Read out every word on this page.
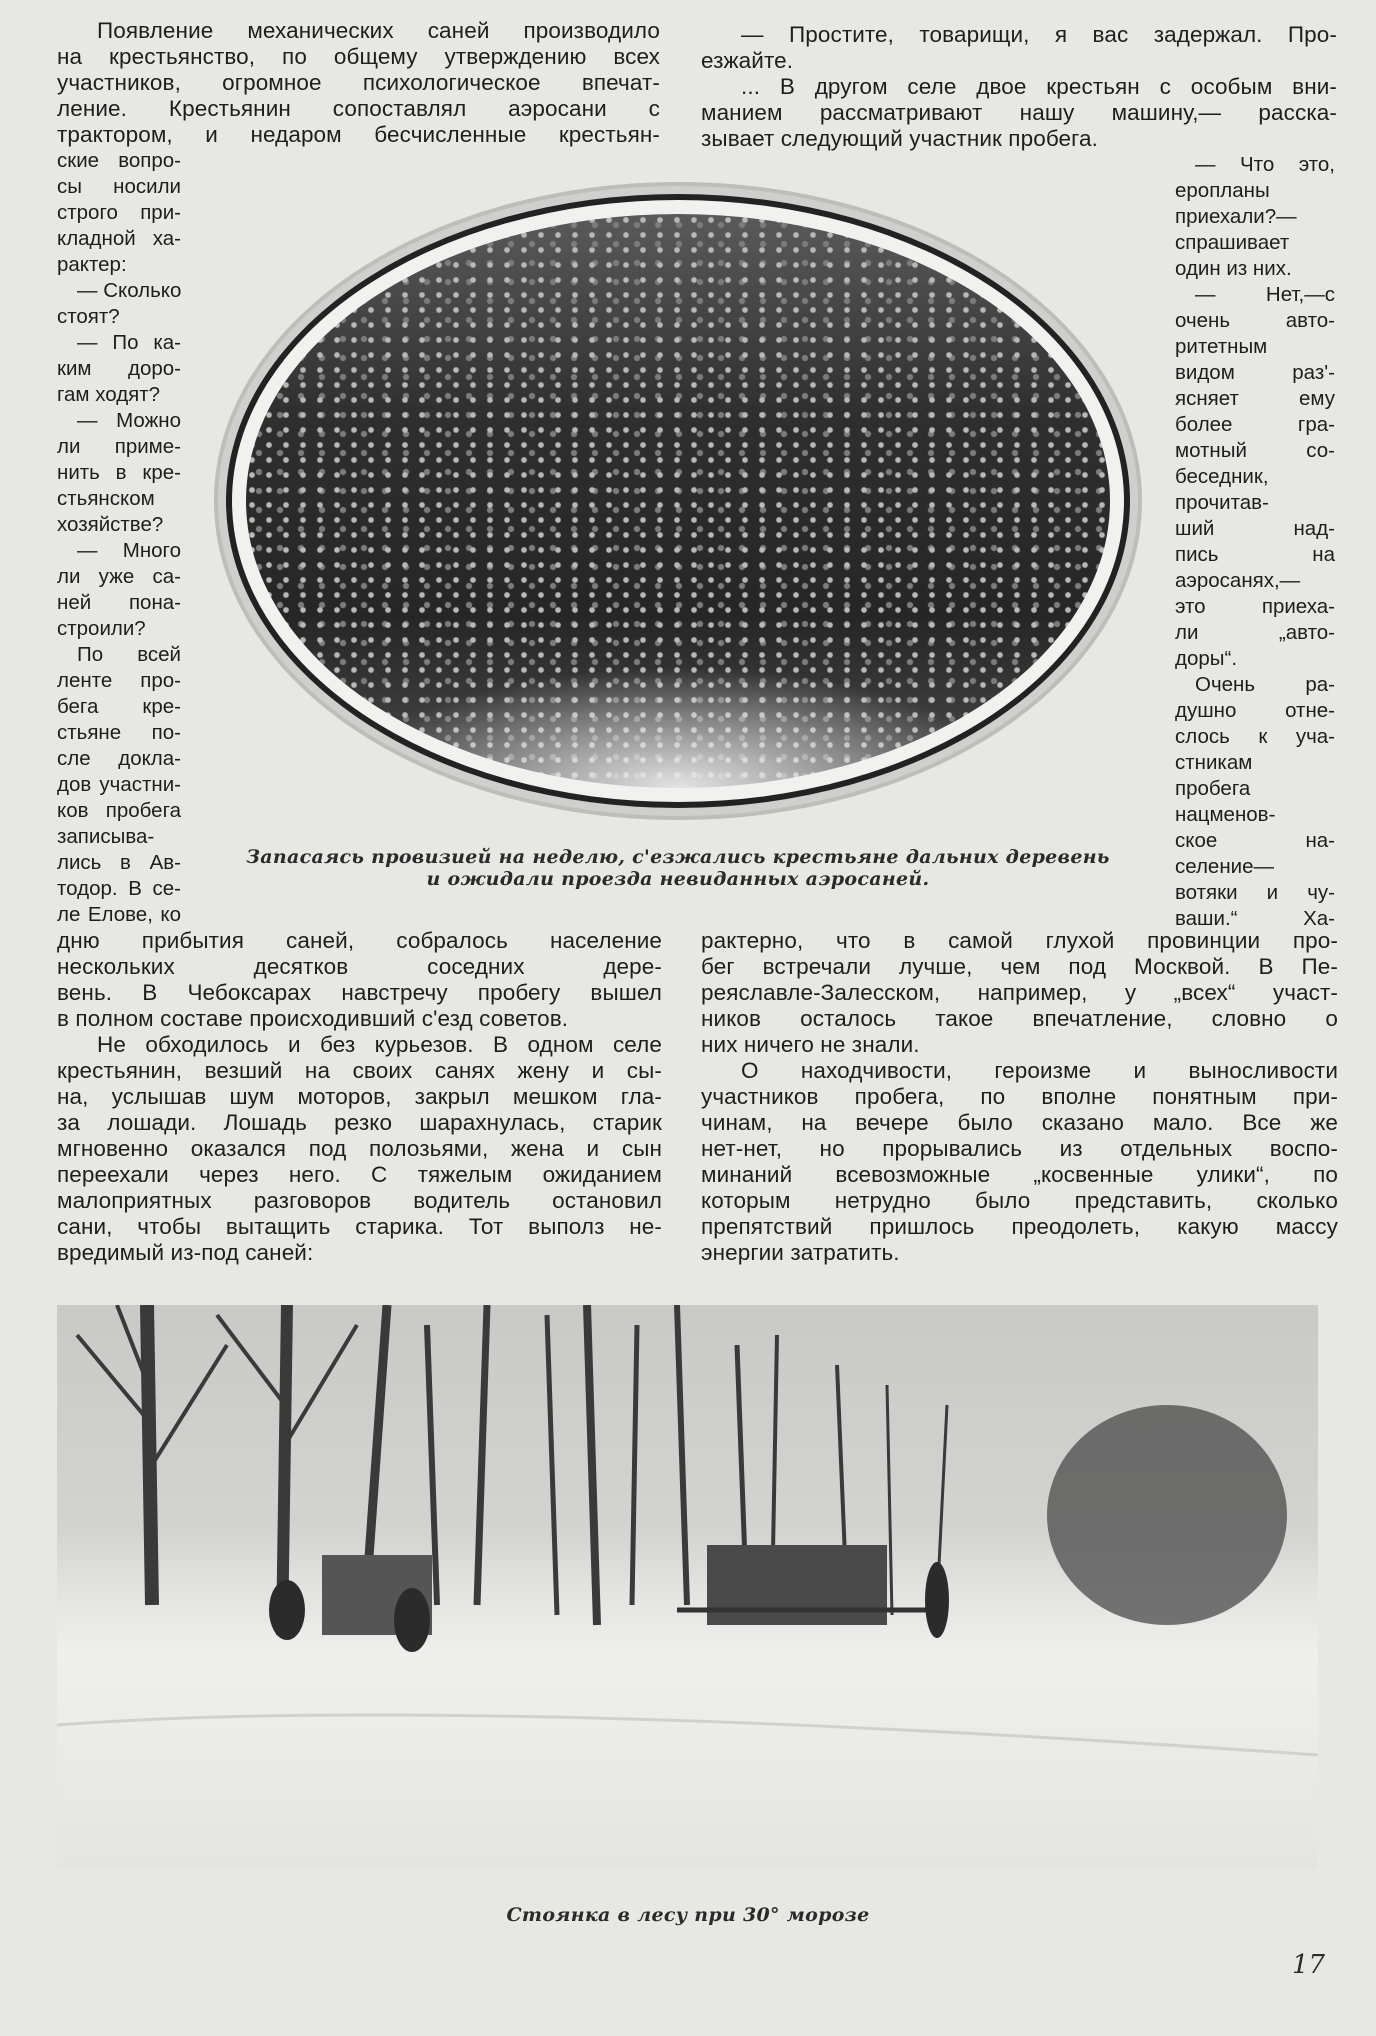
Появление механических саней производило
на крестьянство, по общему утверждению всех
участников, огромное психологическое впечат-
ление. Крестьянин сопоставлял аэросани с
трактором, и недаром бесчисленные крестьян-
ские вопро-
сы носили
строго при-
кладной ха-
рактер:
— Сколько
стоят?
— По ка-
ким доро-
гам ходят?
— Можно
ли приме-
нить в кре-
стьянском
хозяйстве?
— Много
ли уже са-
ней пона-
строили?
По всей
ленте про-
бега кре-
стьяне по-
сле докла-
дов участни-
ков пробега
записыва-
лись в Ав-
тодор. В се-
ле Елове, ко
дню прибытия саней, собралось население
нескольких десятков соседних дере-
вень. В Чебоксарах навстречу пробегу вышел
в полном составе происходивший с'езд советов.
Не обходилось и без курьезов. В одном селе
крестьянин, везший на своих санях жену и сы-
на, услышав шум моторов, закрыл мешком гла-
за лошади. Лошадь резко шарахнулась, старик
мгновенно оказался под полозьями, жена и сын
переехали через него. С тяжелым ожиданием
малоприятных разговоров водитель остановил
сани, чтобы вытащить старика. Тот выполз не-
вредимый из-под саней:
— Простите, товарищи, я вас задержал. Про-
езжайте.
... В другом селе двое крестьян с особым вни-
манием рассматривают нашу машину,— расска-
зывает следующий участник пробега.
— Что это,
еропланы
приехали?—
спрашивает
один из них.
— Нет,—с
очень авто-
ритетным
видом раз'-
ясняет ему
более гра-
мотный со-
беседник,
прочитав-
ший над-
пись на
аэросанях,—
это приеха-
ли „авто-
доры“.
Очень ра-
душно отне-
слось к уча-
стникам
пробега
нацменов-
ское на-
селение—
вотяки и чу-
ваши.“ Ха-
рактерно, что в самой глухой провинции про-
бег встречали лучше, чем под Москвой. В Пе-
реяславле-Залесском, например, у „всех“ участ-
ников осталось такое впечатление, словно о
них ничего не знали.
О находчивости, героизме и выносливости
участников пробега, по вполне понятным при-
чинам, на вечере было сказано мало. Все же
нет-нет, но прорывались из отдельных воспо-
минаний всевозможные „косвенные улики“, по
которым нетрудно было представить, сколько
препятствий пришлось преодолеть, какую массу
энергии затратить.
Запасаясь провизией на неделю, с'езжались крестьяне дальних деревень
и ожидали проезда невиданных аэросаней.
Стоянка в лесу при 30° морозе
17
